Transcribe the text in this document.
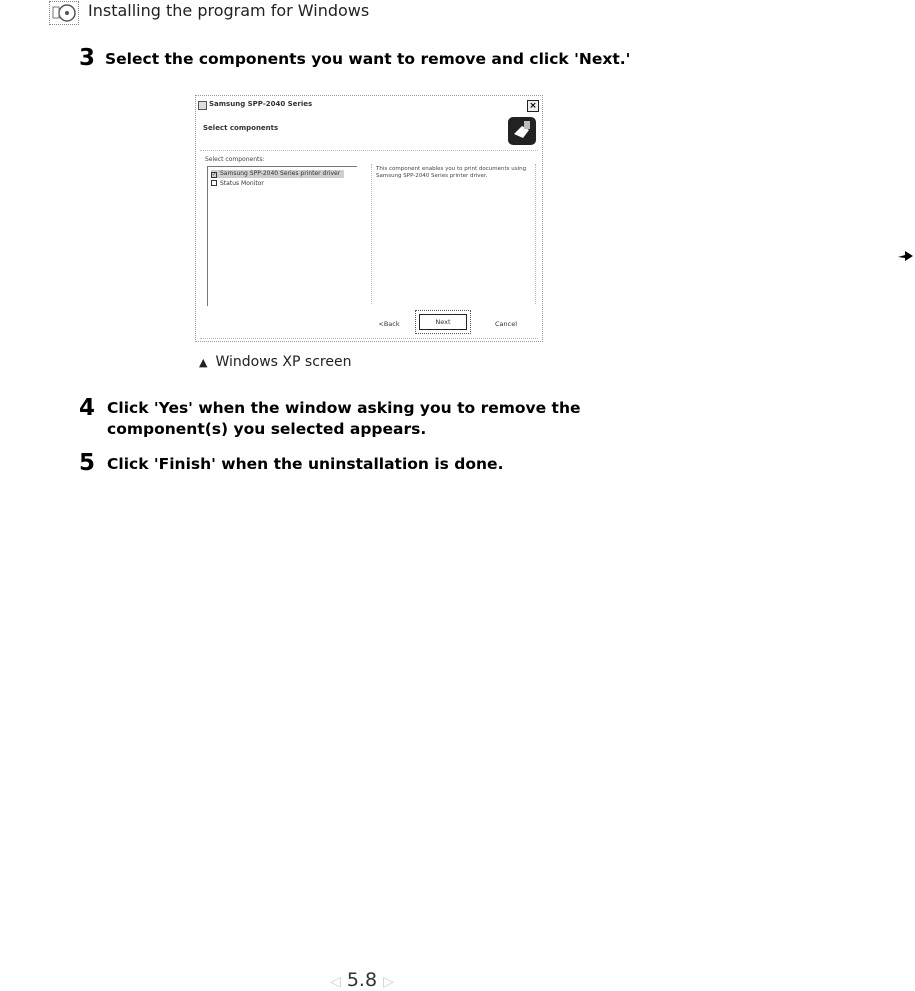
Installing the program for Windows
3 Select the components you want to remove and click 'Next.'
Samsung SPP-2040 Series	×
Select components
Select components:
✓ Samsung SPP-2040 Series printer driver
Status Monitor
This component enables you to print documents using Samsung SPP-2040 Series printer driver.
<Back	Next	Cancel
▲ Windows XP screen
4 Click 'Yes' when the window asking you to remove the
component(s) you selected appears.
5 Click 'Finish' when the uninstallation is done.
◁ 5.8 ▷
